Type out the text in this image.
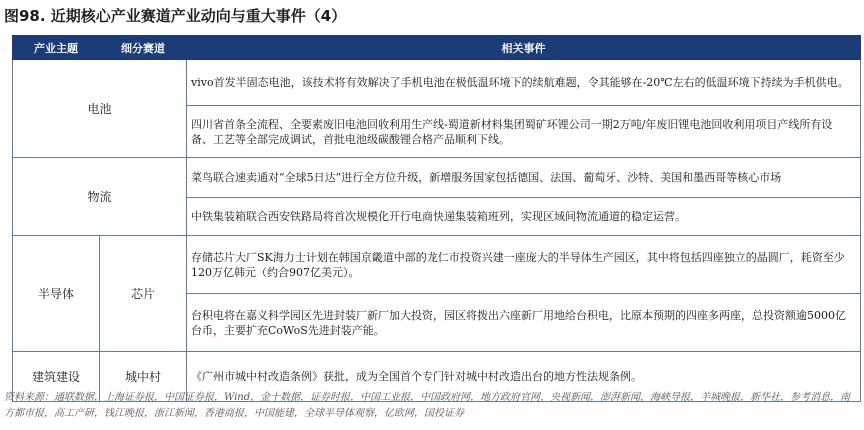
图98. 近期核心产业赛道产业动向与重大事件（4）
产业主题	细分赛道	相关事件
电池		vivo首发半固态电池，该技术将有效解决了手机电池在极低温环境下的续航难题，令其能够在-20℃左右的低温环境下持续为手机供电。
		四川省首条全流程、全要素废旧电池回收利用生产线-蜀道新材料集团蜀矿环锂公司一期2万吨/年废旧锂电池回收利用项目产线所有设备、工艺等全部完成调试，首批电池级碳酸锂合格产品顺利下线。
物流		菜鸟联合速卖通对“全球5日达”进行全方位升级，新增服务国家包括德国、法国、葡萄牙、沙特、美国和墨西哥等核心市场
		中铁集装箱联合西安铁路局将首次规模化开行电商快递集装箱班列，实现区域间物流通道的稳定运营。
半导体	芯片	存储芯片大厂SK海力士计划在韩国京畿道中部的龙仁市投资兴建一座庞大的半导体生产园区，其中将包括四座独立的晶圆厂，耗资至少120万亿韩元（约合907亿美元）。
		台积电将在嘉义科学园区先进封装厂新厂加大投资，园区将拨出六座新厂用地给台积电，比原本预期的四座多两座，总投资额逾5000亿台币，主要扩充CoWoS先进封装产能。
建筑建设	城中村	《广州市城中村改造条例》获批，成为全国首个专门针对城中村改造出台的地方性法规条例。
资料来源：通联数据，上海证券报，中国证券报，Wind，金十数据，证券时报，中国工业报，中国政府网，地方政府官网，央视新闻，澎湃新闻，海峡导报，羊城晚报，新华社，参考消息，南方都市报，高工产研，钱江晚报，浙江新闻，香港商报，中国能建，全球半导体观察，亿欧网，国投证券
